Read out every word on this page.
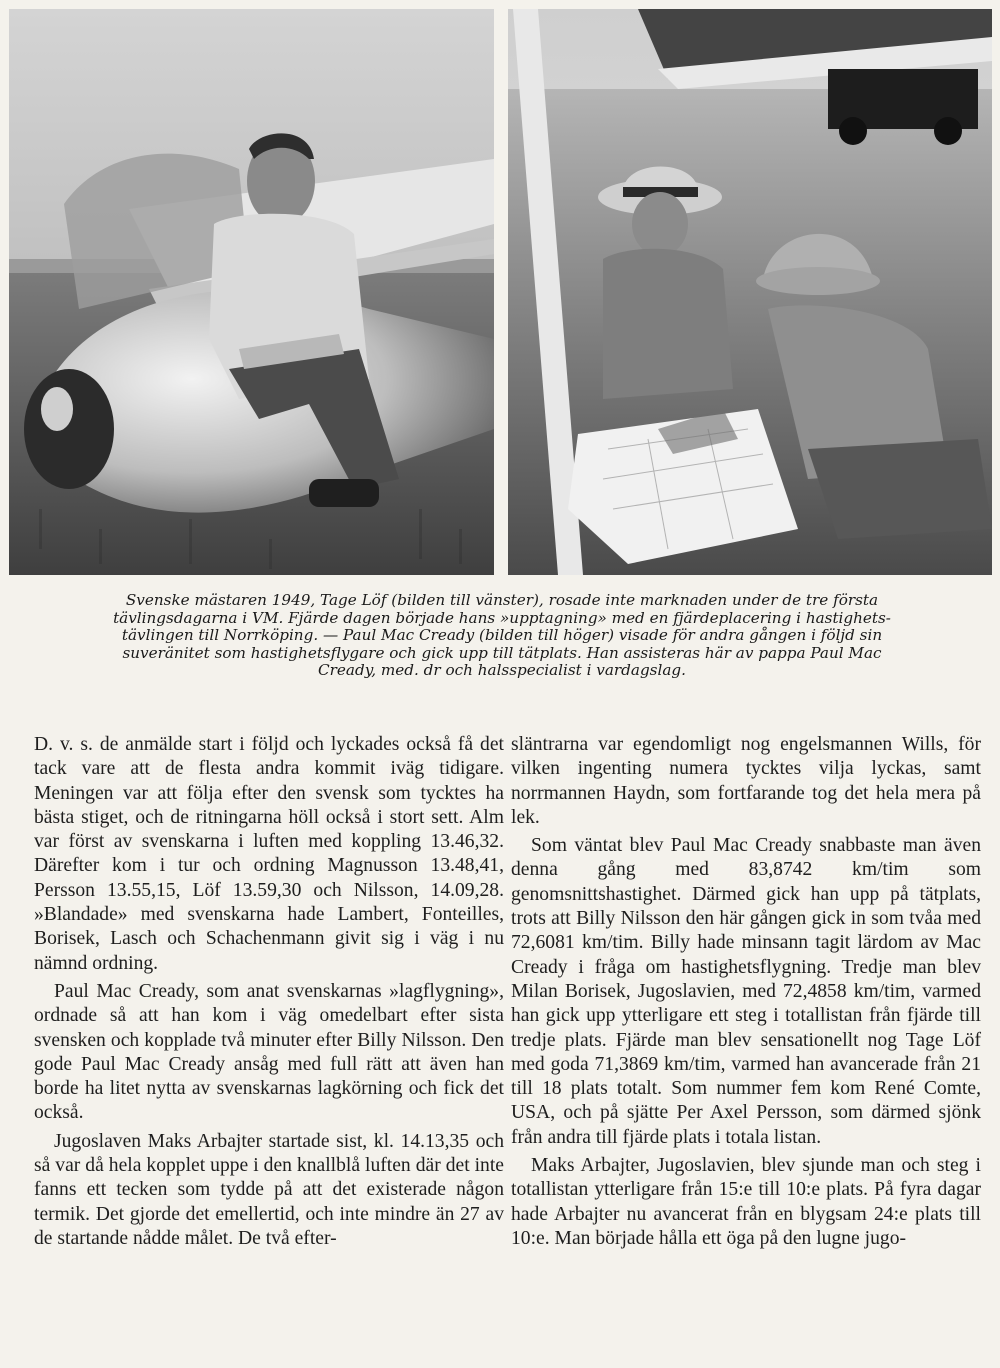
Svenske mästaren 1949, Tage Löf (bilden till vänster), rosade inte marknaden under de tre första
tävlingsdagarna i VM. Fjärde dagen började hans »upptagning» med en fjärdeplacering i hastighets-
tävlingen till Norrköping. — Paul Mac Cready (bilden till höger) visade för andra gången i följd sin
suveränitet som hastighetsflygare och gick upp till tätplats. Han assisteras här av pappa Paul Mac
Cready, med. dr och halsspecialist i vardagslag.

D. v. s. de anmälde start i följd och lyckades också få det tack vare att de flesta andra kommit iväg tidigare. Meningen var att följa efter den svensk som tycktes ha bästa stiget, och de ritningarna höll också i stort sett. Alm var först av svenskarna i luften med koppling 13.46,32. Därefter kom i tur och ordning Magnusson 13.48,41, Persson 13.55,15, Löf 13.59,30 och Nilsson, 14.09,28. »Blandade» med svenskarna hade Lambert, Fonteilles, Borisek, Lasch och Schachenmann givit sig i väg i nu nämnd ordning.

Paul Mac Cready, som anat svenskarnas »lagflygning», ordnade så att han kom i väg omedelbart efter sista svensken och kopplade två minuter efter Billy Nilsson. Den gode Paul Mac Cready ansåg med full rätt att även han borde ha litet nytta av svenskarnas lagkörning och fick det också.

Jugoslaven Maks Arbajter startade sist, kl. 14.13,35 och så var då hela kopplet uppe i den knallblå luften där det inte fanns ett tecken som tydde på att det existerade någon termik. Det gjorde det emellertid, och inte mindre än 27 av de startande nådde målet. De två efter-

släntrarna var egendomligt nog engelsmannen Wills, för vilken ingenting numera tycktes vilja lyckas, samt norrmannen Haydn, som fortfarande tog det hela mera på lek.

Som väntat blev Paul Mac Cready snabbaste man även denna gång med 83,8742 km/tim som genomsnittshastighet. Därmed gick han upp på tätplats, trots att Billy Nilsson den här gången gick in som tvåa med 72,6081 km/tim. Billy hade minsann tagit lärdom av Mac Cready i fråga om hastighetsflygning. Tredje man blev Milan Borisek, Jugoslavien, med 72,4858 km/tim, varmed han gick upp ytterligare ett steg i totallistan från fjärde till tredje plats. Fjärde man blev sensationellt nog Tage Löf med goda 71,3869 km/tim, varmed han avancerade från 21 till 18 plats totalt. Som nummer fem kom René Comte, USA, och på sjätte Per Axel Persson, som därmed sjönk från andra till fjärde plats i totala listan.

Maks Arbajter, Jugoslavien, blev sjunde man och steg i totallistan ytterligare från 15:e till 10:e plats. På fyra dagar hade Arbajter nu avancerat från en blygsam 24:e plats till 10:e. Man började hålla ett öga på den lugne jugo-
